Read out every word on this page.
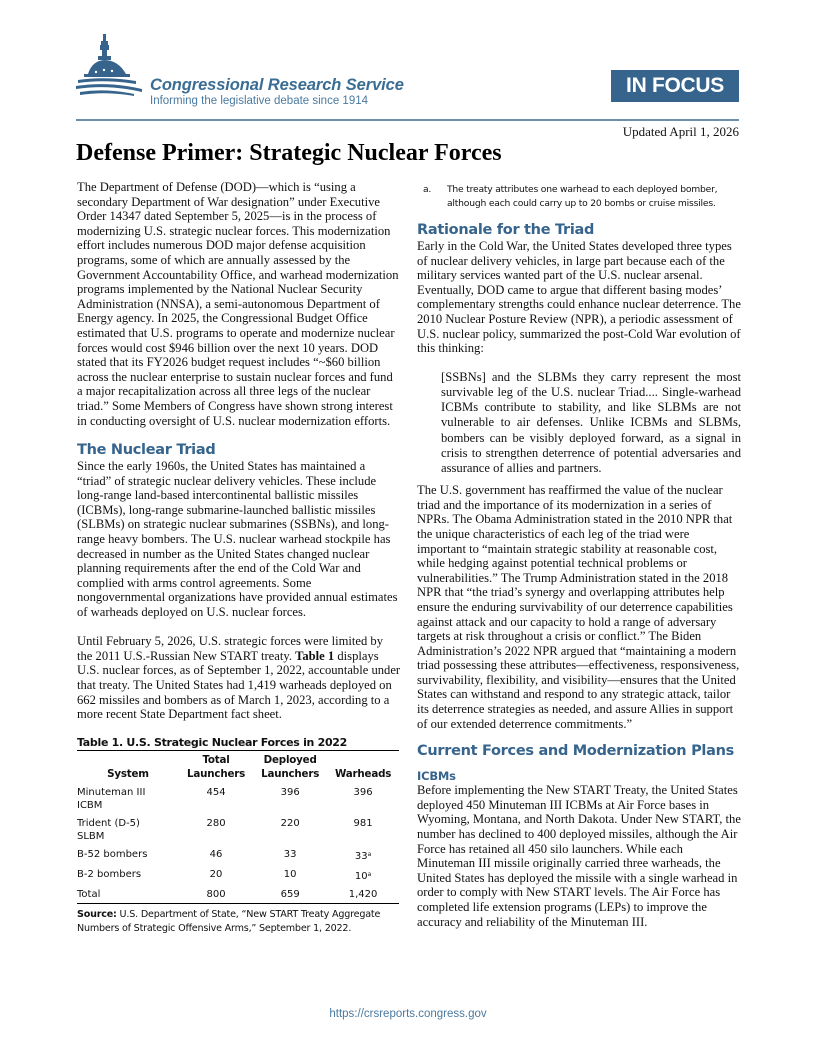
Congressional Research Service
Informing the legislative debate since 1914
IN FOCUS
Updated April 1, 2026
Defense Primer: Strategic Nuclear Forces

The Department of Defense (DOD)—which is “using a secondary Department of War designation” under Executive Order 14347 dated September 5, 2025—is in the process of modernizing U.S. strategic nuclear forces. This modernization effort includes numerous DOD major defense acquisition programs, some of which are annually assessed by the Government Accountability Office, and warhead modernization programs implemented by the National Nuclear Security Administration (NNSA), a semi-autonomous Department of Energy agency. In 2025, the Congressional Budget Office estimated that U.S. programs to operate and modernize nuclear forces would cost $946 billion over the next 10 years. DOD stated that its FY2026 budget request includes “~$60 billion across the nuclear enterprise to sustain nuclear forces and fund a major recapitalization across all three legs of the nuclear triad.” Some Members of Congress have shown strong interest in conducting oversight of U.S. nuclear modernization efforts.

The Nuclear Triad

Since the early 1960s, the United States has maintained a “triad” of strategic nuclear delivery vehicles. These include long-range land-based intercontinental ballistic missiles (ICBMs), long-range submarine-launched ballistic missiles (SLBMs) on strategic nuclear submarines (SSBNs), and long-range heavy bombers. The U.S. nuclear warhead stockpile has decreased in number as the United States changed nuclear planning requirements after the end of the Cold War and complied with arms control agreements. Some nongovernmental organizations have provided annual estimates of warheads deployed on U.S. nuclear forces.

Until February 5, 2026, U.S. strategic forces were limited by the 2011 U.S.-Russian New START treaty. Table 1 displays U.S. nuclear forces, as of September 1, 2022, accountable under that treaty. The United States had 1,419 warheads deployed on 662 missiles and bombers as of March 1, 2023, according to a more recent State Department fact sheet.

Table 1. U.S. Strategic Nuclear Forces in 2022
	Total	Deployed	
System	Launchers	Launchers	Warheads
Minuteman III
ICBM	454	396	396
Trident (D-5)
SLBM	280	220	981
B-52 bombers	46	33	33$^a$
B-2 bombers	20	10	10$^a$
Total	800	659	1,420
Source: U.S. Department of State, “New START Treaty Aggregate Numbers of Strategic Offensive Arms,” September 1, 2022.
a.	The treaty attributes one warhead to each deployed bomber, although each could carry up to 20 bombs or cruise missiles.
Rationale for the Triad

Early in the Cold War, the United States developed three types of nuclear delivery vehicles, in large part because each of the military services wanted part of the U.S. nuclear arsenal. Eventually, DOD came to argue that different basing modes’ complementary strengths could enhance nuclear deterrence. The 2010 Nuclear Posture Review (NPR), a periodic assessment of U.S. nuclear policy, summarized the post-Cold War evolution of this thinking:

[SSBNs] and the SLBMs they carry represent the most survivable leg of the U.S. nuclear Triad.... Single-warhead ICBMs contribute to stability, and like SLBMs are not vulnerable to air defenses. Unlike ICBMs and SLBMs, bombers can be visibly deployed forward, as a signal in crisis to strengthen deterrence of potential adversaries and assurance of allies and partners.

The U.S. government has reaffirmed the value of the nuclear triad and the importance of its modernization in a series of NPRs. The Obama Administration stated in the 2010 NPR that the unique characteristics of each leg of the triad were important to “maintain strategic stability at reasonable cost, while hedging against potential technical problems or vulnerabilities.” The Trump Administration stated in the 2018 NPR that “the triad’s synergy and overlapping attributes help ensure the enduring survivability of our deterrence capabilities against attack and our capacity to hold a range of adversary targets at risk throughout a crisis or conflict.” The Biden Administration’s 2022 NPR argued that “maintaining a modern triad possessing these attributes—effectiveness, responsiveness, survivability, flexibility, and visibility—ensures that the United States can withstand and respond to any strategic attack, tailor its deterrence strategies as needed, and assure Allies in support of our extended deterrence commitments.”

Current Forces and Modernization Plans
ICBMs

Before implementing the New START Treaty, the United States deployed 450 Minuteman III ICBMs at Air Force bases in Wyoming, Montana, and North Dakota. Under New START, the number has declined to 400 deployed missiles, although the Air Force has retained all 450 silo launchers. While each Minuteman III missile originally carried three warheads, the United States has deployed the missile with a single warhead in order to comply with New START levels. The Air Force has completed life extension programs (LEPs) to improve the accuracy and reliability of the Minuteman III.

https://crsreports.congress.gov
